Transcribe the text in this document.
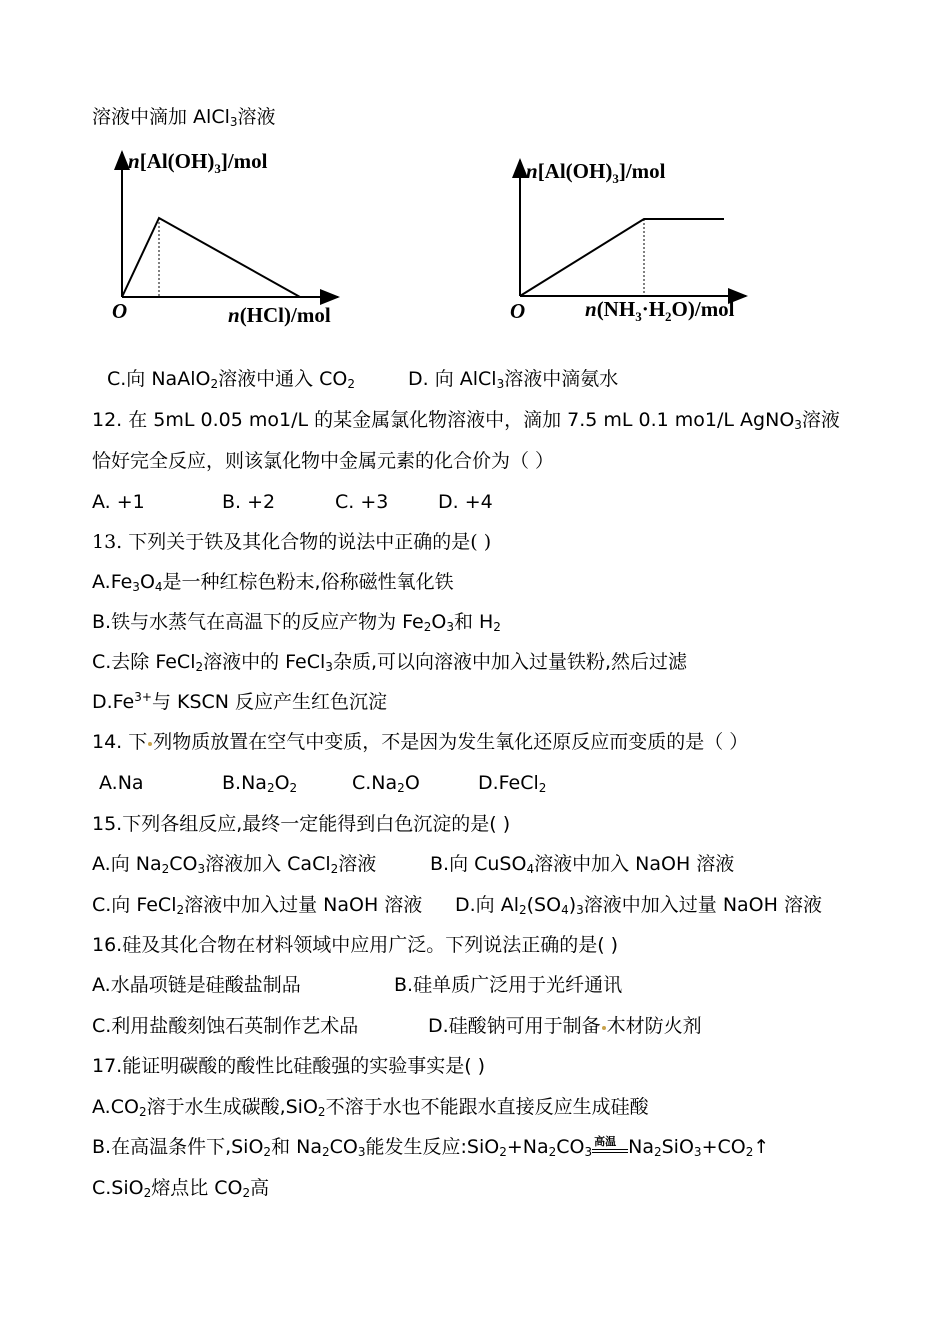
溶液中滴加 AlCl$_3$溶液
$n[Al(OH)_3]$/mol
O	n(HCl)/mol
$n[Al(OH)_3]$/mol
O	$n(NH_3\cdot H_2O)$/mol
C.向 NaAlO$_2$溶液中通入 $CO_2$	D. 向 AlCl$_3$溶液中滴氨水
12. 在 5mL 0.05 mo1/L 的某金属氯化物溶液中，滴加 7.5 mL 0.1 mo1/L AgNO$_3$溶液
恰好完全反应，则该氯化物中金属元素的化合价为（ ）
A. +1	B. +2	C. +3	D. +4
13. 下列关于铁及其化合物的说法中正确的是( )
$A.Fe_3O_4$是一种红棕色粉末,俗称磁性氧化铁
B.铁与水蒸气在高温下的反应产物为 $Fe_2O_3$和 $H_2$
C.去除 FeCl$_2$溶液中的 FeCl$_3$杂质,可以向溶液中加入过量铁粉,然后过滤
$D.Fe^{3+}$与 KSCN 反应产生红色沉淀
14. 下 列物质放置在空气中变质，不是因为发生氧化还原反应而变质的是（ ）
A.Na	$B.Na_2O_2$	$C.Na_2O$	D.FeCl$_2$
15.下列各组反应,最终一定能得到白色沉淀的是( )
A.向 $Na_2CO_3$溶液加入 CaCl$_2$溶液	B.向 CuSO$_4$溶液中加入 NaOH 溶液
C.向 FeCl$_2$溶液中加入过量 NaOH 溶液 D.向 $Al_2(SO_4)_3$溶液中加入过量 NaOH 溶液
16.硅及其化合物在材料领域中应用广泛。下列说法正确的是( )
A.水晶项链是硅酸盐制品	B.硅单质广泛用于光纤通讯
C.利用盐酸刻蚀石英制作艺术品	D.硅酸钠可用于制备 木材防火剂
17.能证明碳酸的酸性比硅酸强的实验事实是( )
$A.CO_2$溶于水生成碳酸,SiO$_2$不溶于水也不能跟水直接反应生成硅酸
B.在高温条件下,SiO$_2$和 $Na_2CO_3$能发生反应$:SiO_2+Na_2CO_3$
高温 $Na_2SiO_3+CO_2↑$
C.SiO$_2$熔点比 $CO_2$高
